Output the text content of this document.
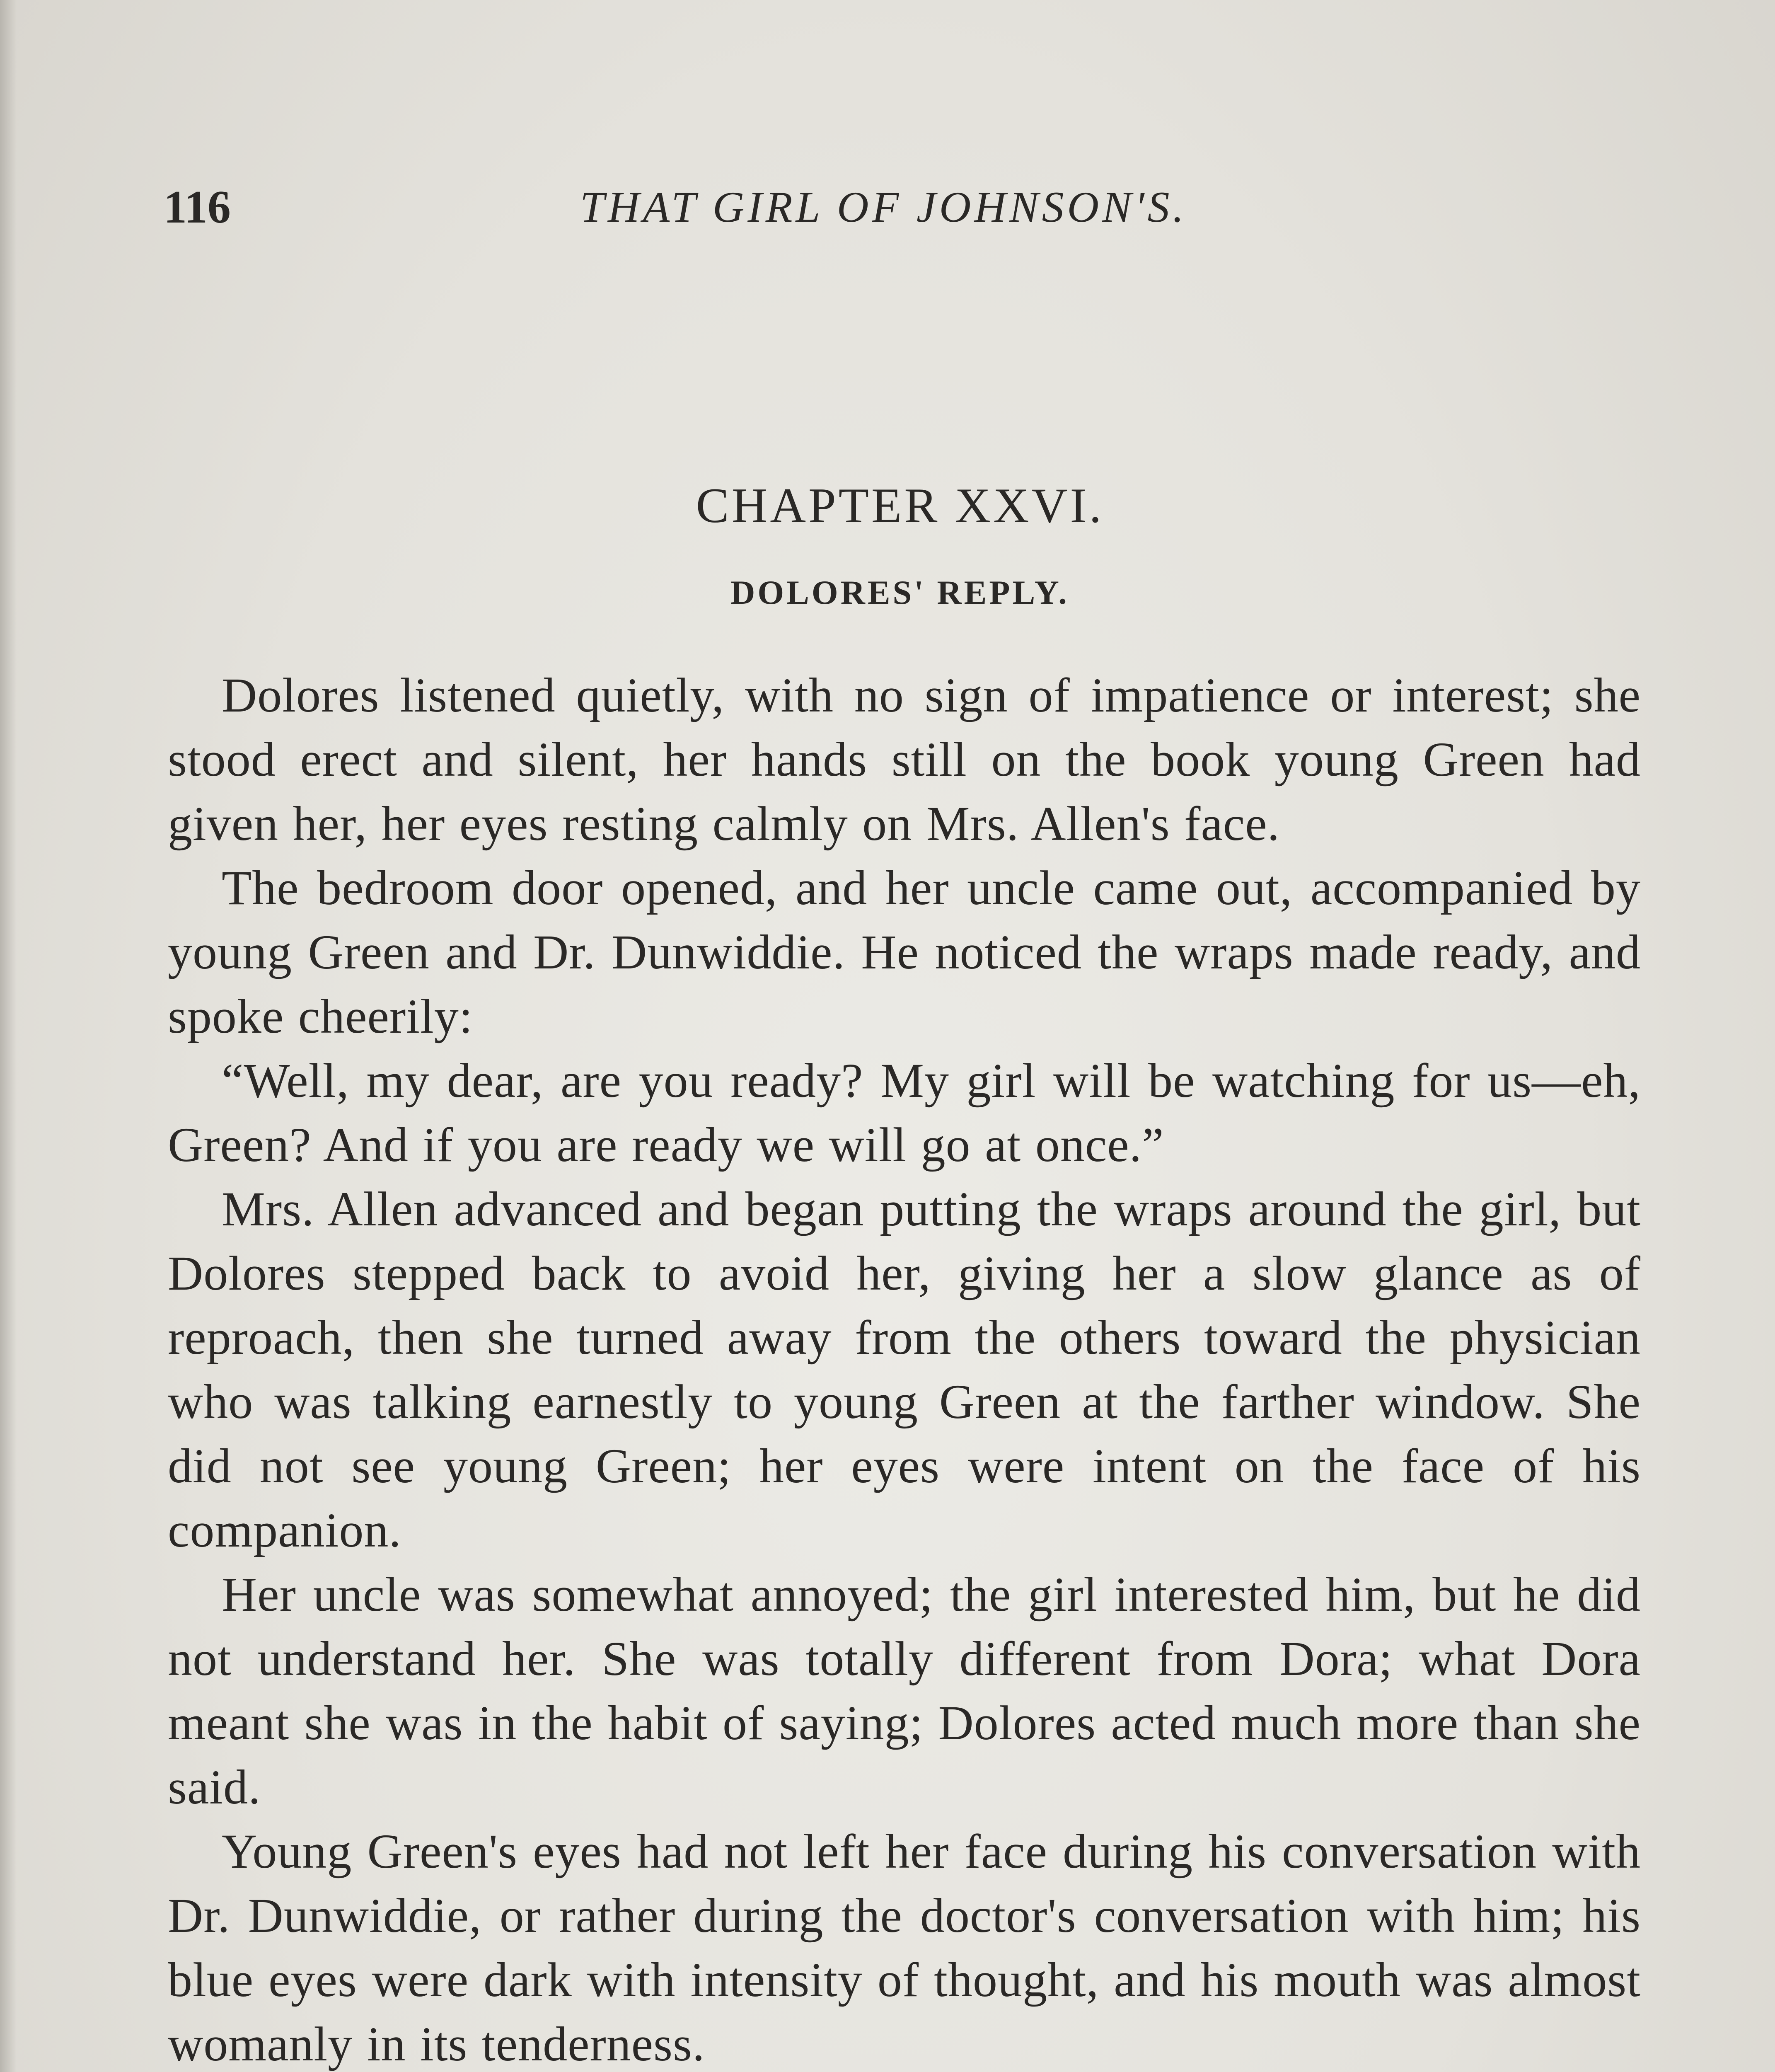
116	THAT GIRL OF JOHNSON'S.
CHAPTER XXVI.
DOLORES' REPLY.

Dolores listened quietly, with no sign of impatience or interest; she stood erect and silent, her hands still on the book young Green had given her, her eyes resting calmly on Mrs. Allen's face.

The bedroom door opened, and her uncle came out, accompanied by young Green and Dr. Dunwiddie. He noticed the wraps made ready, and spoke cheerily:

“Well, my dear, are you ready? My girl will be watching for us—eh, Green? And if you are ready we will go at once.”

Mrs. Allen advanced and began putting the wraps around the girl, but Dolores stepped back to avoid her, giving her a slow glance as of reproach, then she turned away from the others toward the physician who was talking earnestly to young Green at the farther window. She did not see young Green; her eyes were intent on the face of his companion.

Her uncle was somewhat annoyed; the girl interested him, but he did not understand her. She was totally different from Dora; what Dora meant she was in the habit of saying; Dolores acted much more than she said.

Young Green's eyes had not left her face during his conversation with Dr. Dunwiddie, or rather during the doctor's conversation with him; his blue eyes were dark with intensity of thought, and his mouth was almost womanly in its tenderness.
